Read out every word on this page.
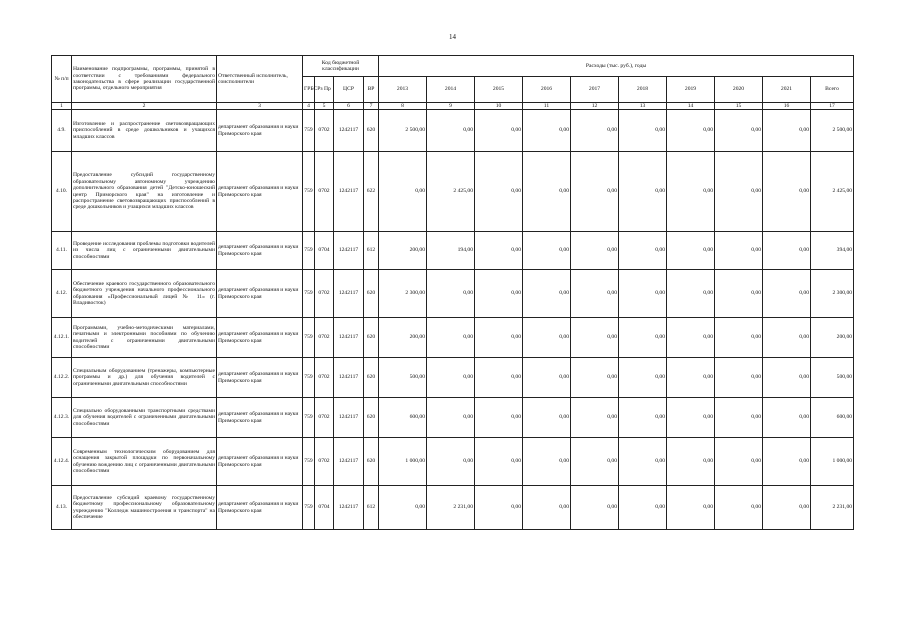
14
№ п/п	Наименование подпрограммы, программы, принятой в соответствии с требованиями федерального законодательства в сфере реализации государственной программы, отдельного мероприятия	Ответственный исполнитель, соисполнители	Код бюджетной классификации				Расходы (тыс. руб.), годы									
			ГРБС	Рз Пр	ЦСР	ВР	2013	2014	2015	2016	2017	2018	2019	2020	2021	Всего
1	2	3	4	5	6	7	8	9	10	11	12	13	14	15	16	17
4.9.	Изготовление и распространение световозвращающих приспособлений в среде дошкольников и учащихся младших классов	департамент образования и науки Приморского края	759	0702	1242117	620	2 500,00	0,00	0,00	0,00	0,00	0,00	0,00	0,00	0,00	2 500,00
4.10.	Предоставление субсидий государственному образовательному автономному учреждению дополнительного образования детей "Детско-юношеский центр Приморского края" на изготовление и распространение световозвращающих приспособлений в среде дошкольников и учащихся младших классов	департамент образования и науки Приморского края	759	0702	1242117	622	0,00	2 425,00	0,00	0,00	0,00	0,00	0,00	0,00	0,00	2 425,00
4.11.	Проведение исследования проблемы подготовки водителей из числа лиц с ограниченными двигательными способностями	департамент образования и науки Приморского края	759	0704	1242117	612	200,00	194,00	0,00	0,00	0,00	0,00	0,00	0,00	0,00	394,00
4.12.	Обеспечение краевого государственного образовательного бюджетного учреждения начального профессионального образования «Профессиональный лицей № 11» (г. Владивосток)	департамент образования и науки Приморского края	759	0702	1242117	620	2 300,00	0,00	0,00	0,00	0,00	0,00	0,00	0,00	0,00	2 300,00
4.12.1.	Программами, учебно-методическими материалами, печатными и электронными пособиями по обучению водителей с ограниченными двигательными способностями	департамент образования и науки Приморского края	759	0702	1242117	620	200,00	0,00	0,00	0,00	0,00	0,00	0,00	0,00	0,00	200,00
4.12.2.	Специальным оборудованием (тренажеры, компьютерные программы и др.) для обучения водителей с ограниченными двигательными способностями	департамент образования и науки Приморского края	759	0702	1242117	620	500,00	0,00	0,00	0,00	0,00	0,00	0,00	0,00	0,00	500,00
4.12.3.	Специально оборудованными транспортными средствами для обучения водителей с ограниченными двигательными способностями	департамент образования и науки Приморского края	759	0702	1242117	620	600,00	0,00	0,00	0,00	0,00	0,00	0,00	0,00	0,00	600,00
4.12.4.	Современным технологическим оборудованием для оснащения закрытой площадки по первоначальному обучению вождению лиц с ограниченными двигательными способностями	департамент образования и науки Приморского края	759	0702	1242117	620	1 000,00	0,00	0,00	0,00	0,00	0,00	0,00	0,00	0,00	1 000,00
4.13.	Предоставление субсидий краевому государственному бюджетному профессиональному образовательному учреждению "Колледж машиностроения и транспорта" на обеспечение	департамент образования и науки Приморского края	759	0704	1242117	612	0,00	2 231,00	0,00	0,00	0,00	0,00	0,00	0,00	0,00	2 231,00
